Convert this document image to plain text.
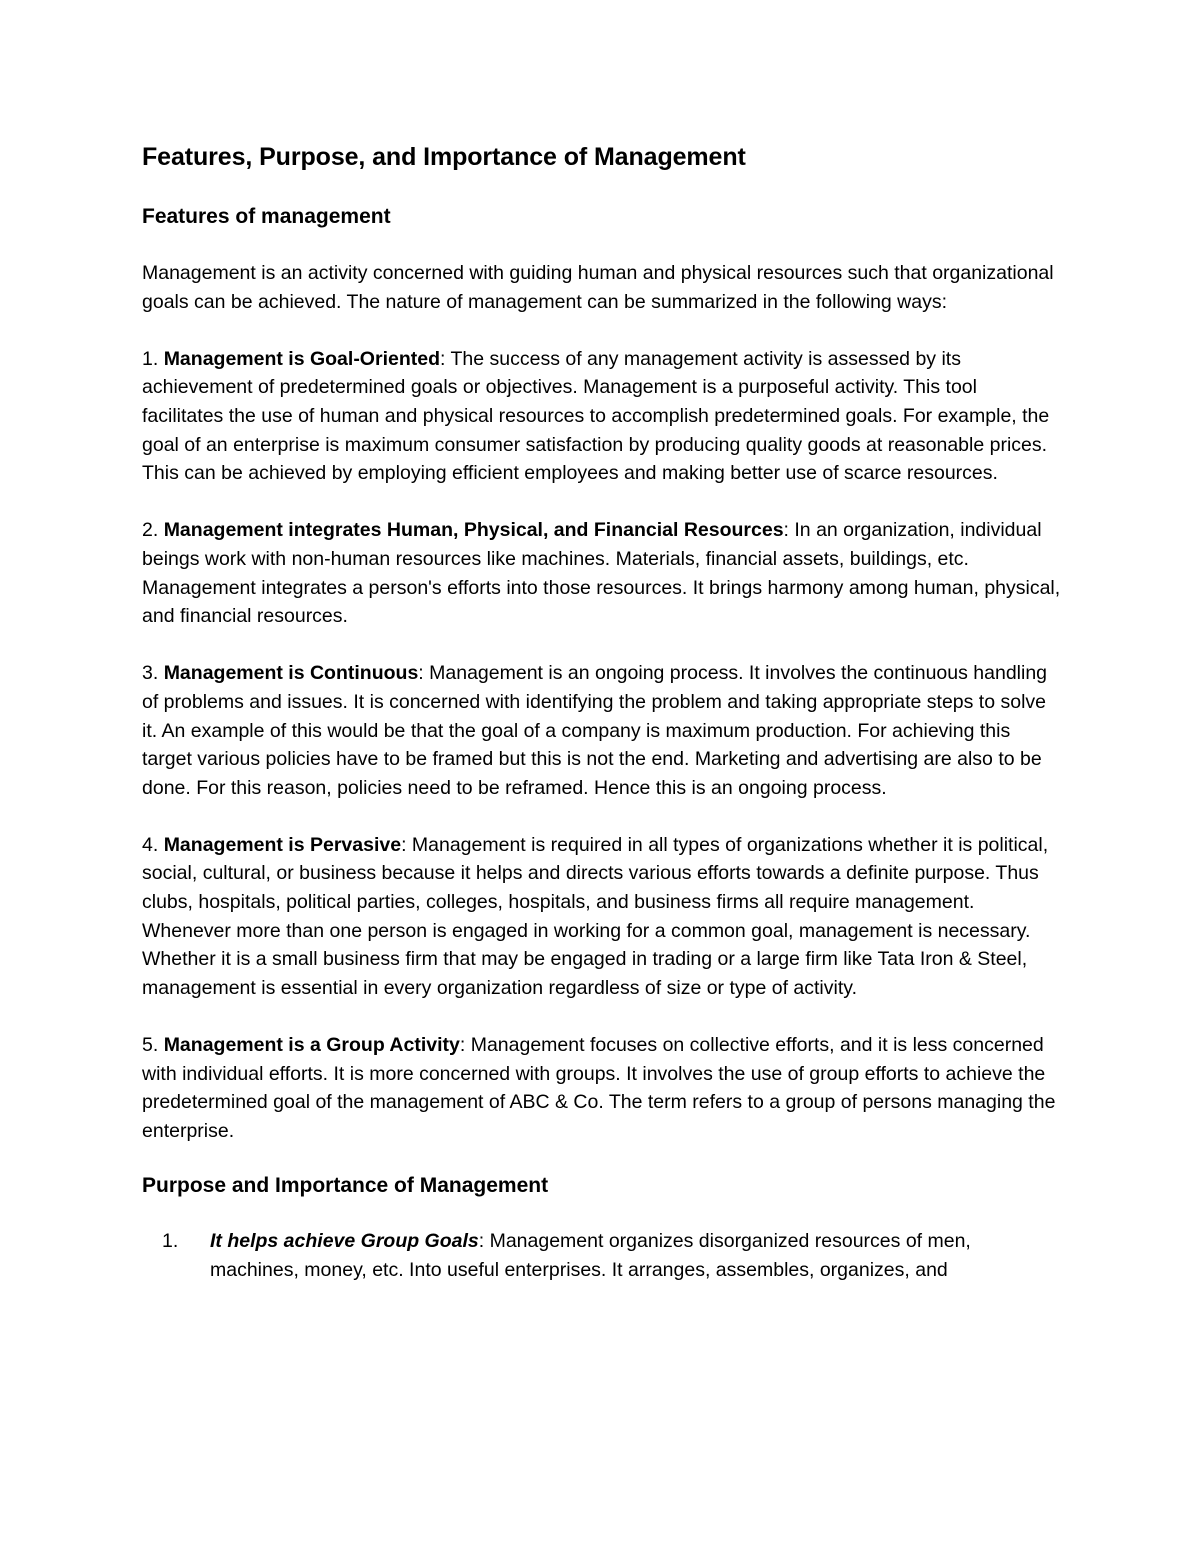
Features, Purpose, and Importance of Management
Features of management

Management is an activity concerned with guiding human and physical resources such that organizational goals can be achieved. The nature of management can be summarized in the following ways:

1. Management is Goal-Oriented: The success of any management activity is assessed by its achievement of predetermined goals or objectives. Management is a purposeful activity. This tool facilitates the use of human and physical resources to accomplish predetermined goals. For example, the goal of an enterprise is maximum consumer satisfaction by producing quality goods at reasonable prices. This can be achieved by employing efficient employees and making better use of scarce resources.

2. Management integrates Human, Physical, and Financial Resources: In an organization, individual beings work with non-human resources like machines. Materials, financial assets, buildings, etc. Management integrates a person's efforts into those resources. It brings harmony among human, physical, and financial resources.

3. Management is Continuous: Management is an ongoing process. It involves the continuous handling of problems and issues. It is concerned with identifying the problem and taking appropriate steps to solve it. An example of this would be that the goal of a company is maximum production. For achieving this target various policies have to be framed but this is not the end. Marketing and advertising are also to be done. For this reason, policies need to be reframed. Hence this is an ongoing process.

4. Management is Pervasive: Management is required in all types of organizations whether it is political, social, cultural, or business because it helps and directs various efforts towards a definite purpose. Thus clubs, hospitals, political parties, colleges, hospitals, and business firms all require management. Whenever more than one person is engaged in working for a common goal, management is necessary. Whether it is a small business firm that may be engaged in trading or a large firm like Tata Iron & Steel, management is essential in every organization regardless of size or type of activity.

5. Management is a Group Activity: Management focuses on collective efforts, and it is less concerned with individual efforts. It is more concerned with groups. It involves the use of group efforts to achieve the predetermined goal of the management of ABC & Co. The term refers to a group of persons managing the enterprise.

Purpose and Importance of Management
1. It helps achieve Group Goals: Management organizes disorganized resources of men, machines, money, etc. Into useful enterprises. It arranges, assembles, organizes, and
